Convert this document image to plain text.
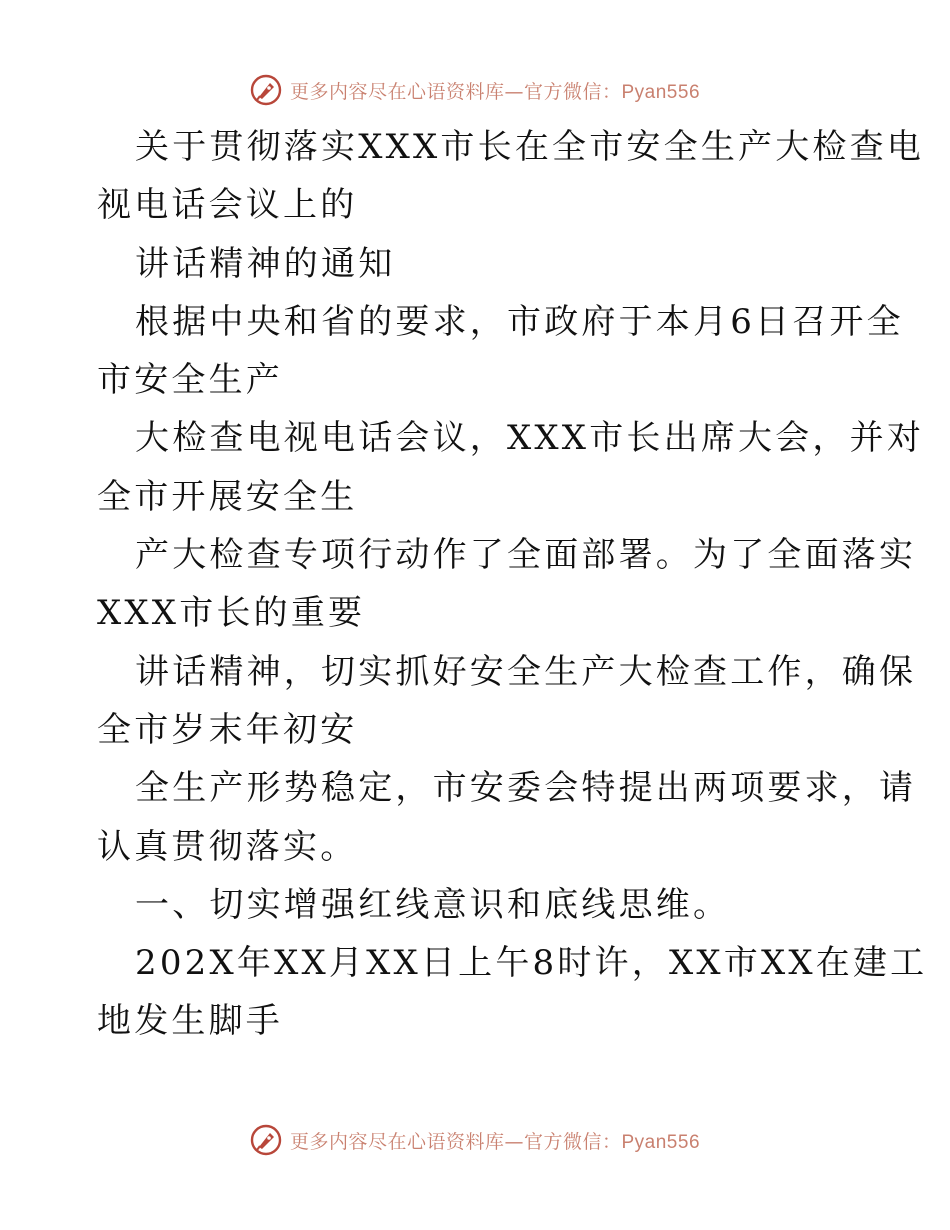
更多内容尽在心语资料库—官方微信：Pyan556
关于贯彻落实XXX市长在全市安全生产大检查电
视电话会议上的
讲话精神的通知
根据中央和省的要求，市政府于本月6日召开全
市安全生产
大检查电视电话会议，XXX市长出席大会，并对
全市开展安全生
产大检查专项行动作了全面部署。为了全面落实
XXX市长的重要
讲话精神，切实抓好安全生产大检查工作，确保
全市岁末年初安
全生产形势稳定，市安委会特提出两项要求，请
认真贯彻落实。
一、切实增强红线意识和底线思维。
202X年XX月XX日上午8时许，XX市XX在建工
地发生脚手
更多内容尽在心语资料库—官方微信：Pyan556
